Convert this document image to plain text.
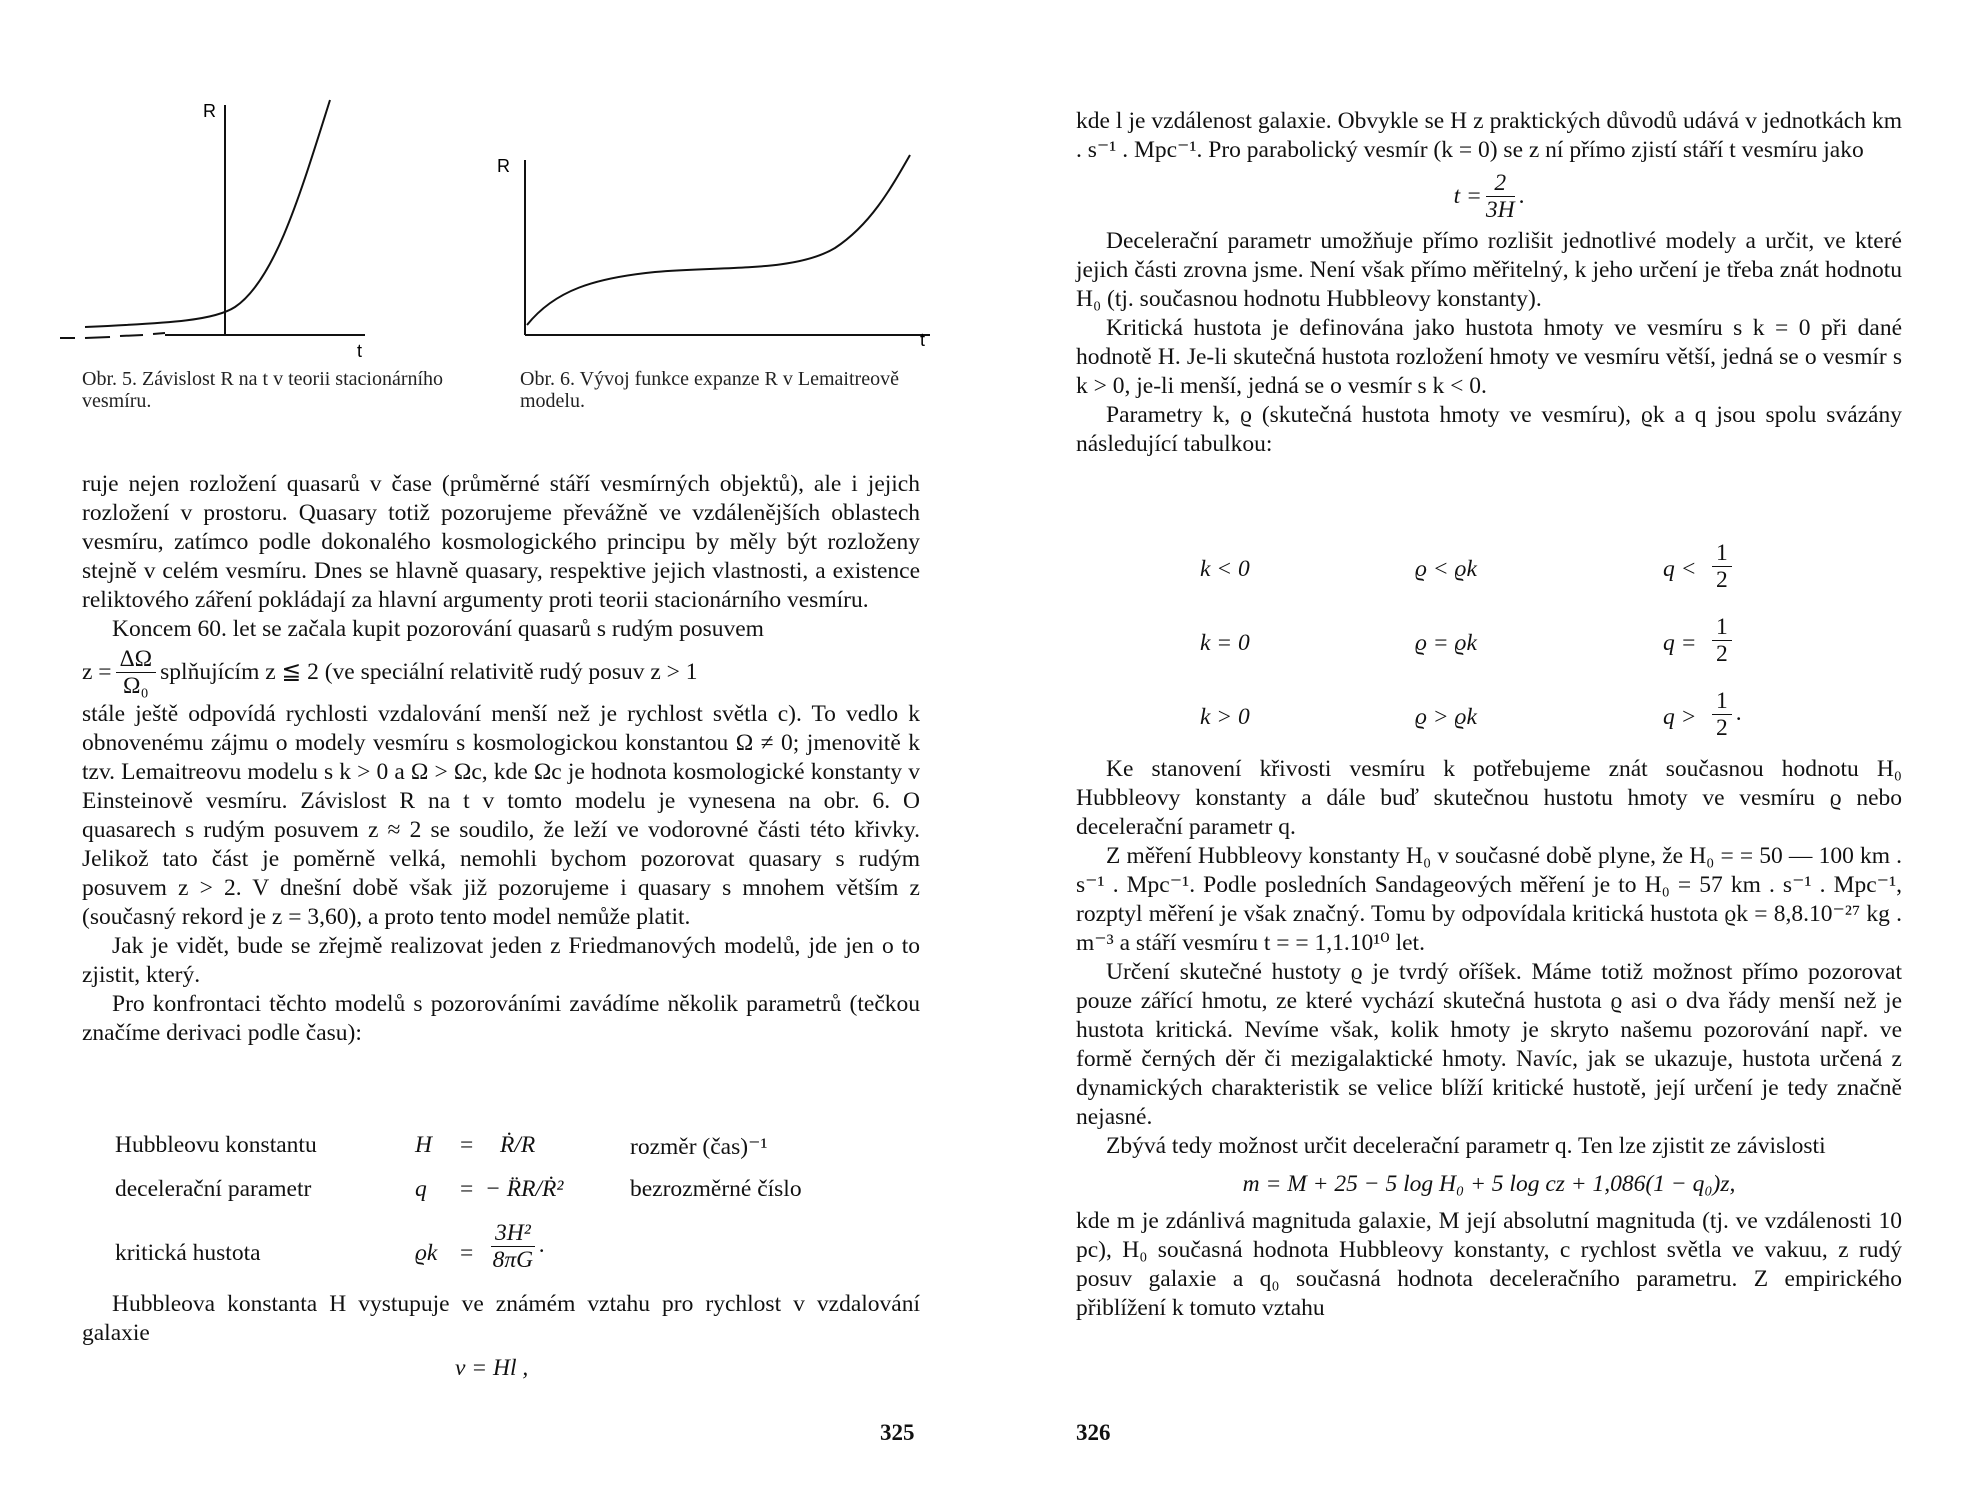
R
t
Obr. 5. Závislost R na t v teorii stacionárního vesmíru.
R
t
Obr. 6. Vývoj funkce expanze R v Lemaitreově modelu.

ruje nejen rozložení quasarů v čase (průměrné stáří vesmírných objektů), ale i jejich rozložení v prostoru. Quasary totiž pozorujeme převážně ve vzdálenějších oblastech vesmíru, zatímco podle dokonalého kosmologického principu by měly být rozloženy stejně v celém vesmíru. Dnes se hlavně quasary, respektive jejich vlastnosti, a existence reliktového záření pokládají za hlavní argumenty proti teorii stacionárního vesmíru.

Koncem 60. let se začala kupit pozorování quasarů s rudým posuvem

$z = \frac{\Delta\Omega}{\text{Ω₀}}$ splňujícím z ≦ 2 (ve speciální relativitě rudý posuv z > 1

stále ještě odpovídá rychlosti vzdalování menší než je rychlost světla c). To vedlo k obnovenému zájmu o modely vesmíru s kosmologickou konstantou Ω ≠ 0; jmenovitě k tzv. Lemaitreovu modelu s k > 0 a Ω > Ωc, kde Ωc je hodnota kosmologické konstanty v Einsteinově vesmíru. Závislost R na t v tomto modelu je vynesena na obr. 6. O quasarech s rudým posuvem z ≈ 2 se soudilo, že leží ve vodorovné části této křivky. Jelikož tato část je poměrně velká, nemohli bychom pozorovat quasary s rudým posuvem z > 2. V dnešní době však již pozorujeme i quasary s mnohem větším z (současný rekord je z = 3,60), a proto tento model nemůže platit.

Jak je vidět, bude se zřejmě realizovat jeden z Friedmanových modelů, jde jen o to zjistit, který.

Pro konfrontaci těchto modelů s pozorováními zavádíme několik parametrů (tečkou značíme derivaci podle času):

Hubbleovu konstantu	H = Ṙ/R	rozměr (čas)⁻¹
decelerační parametr	q = − R̈R/Ṙ²	bezrozměrné číslo
kritická hustota	$ϱk = \frac{\text{3H²}}{8\pi G}$ .

Hubbleova konstanta H vystupuje ve známém vztahu pro rychlost v vzdalování galaxie

v = Hl ,
325

kde l je vzdálenost galaxie. Obvykle se H z praktických důvodů udává v jednotkách km . s⁻¹ . Mpc⁻¹. Pro parabolický vesmír (k = 0) se z ní přímo zjistí stáří t vesmíru jako

$t = \frac{2}{3H}$ .

Decelerační parametr umožňuje přímo rozlišit jednotlivé modely a určit, ve které jejich části zrovna jsme. Není však přímo měřitelný, k jeho určení je třeba znát hodnotu H₀ (tj. současnou hodnotu Hubbleovy konstanty).

Kritická hustota je definována jako hustota hmoty ve vesmíru s k = 0 při dané hodnotě H. Je-li skutečná hustota rozložení hmoty ve vesmíru větší, jedná se o vesmír s k > 0, je-li menší, jedná se o vesmír s k < 0.

Parametry k, ϱ (skutečná hustota hmoty ve vesmíru), ϱk a q jsou spolu svázány následující tabulkou:

k < 0	ϱ < ϱk	$q < \frac{1}{2}$
k = 0	ϱ = ϱk	$q = \frac{1}{2}$
k > 0	ϱ > ϱk	$q > \frac{1}{2}$ .

Ke stanovení křivosti vesmíru k potřebujeme znát současnou hodnotu H₀ Hubbleovy konstanty a dále buď skutečnou hustotu hmoty ve vesmíru ϱ nebo decelerační parametr q.

Z měření Hubbleovy konstanty H₀ v současné době plyne, že H₀ = = 50 — 100 km . s⁻¹ . Mpc⁻¹. Podle posledních Sandageových měření je to H₀ = 57 km . s⁻¹ . Mpc⁻¹, rozptyl měření je však značný. Tomu by odpovídala kritická hustota ϱk = 8,8.10⁻²⁷ kg . m⁻³ a stáří vesmíru t = = 1,1.10¹⁰ let.

Určení skutečné hustoty ϱ je tvrdý oříšek. Máme totiž možnost přímo pozorovat pouze zářící hmotu, ze které vychází skutečná hustota ϱ asi o dva řády menší než je hustota kritická. Nevíme však, kolik hmoty je skryto našemu pozorování např. ve formě černých děr či mezigalaktické hmoty. Navíc, jak se ukazuje, hustota určená z dynamických charakteristik se velice blíží kritické hustotě, její určení je tedy značně nejasné.

Zbývá tedy možnost určit decelerační parametr q. Ten lze zjistit ze závislosti

m = M + 25 − 5 log H₀ + 5 log cz + 1,086(1 − q₀)z,

kde m je zdánlivá magnituda galaxie, M její absolutní magnituda (tj. ve vzdálenosti 10 pc), H₀ současná hodnota Hubbleovy konstanty, c rychlost světla ve vakuu, z rudý posuv galaxie a q₀ současná hodnota deceleračního parametru. Z empirického přiblížení k tomuto vztahu

326
